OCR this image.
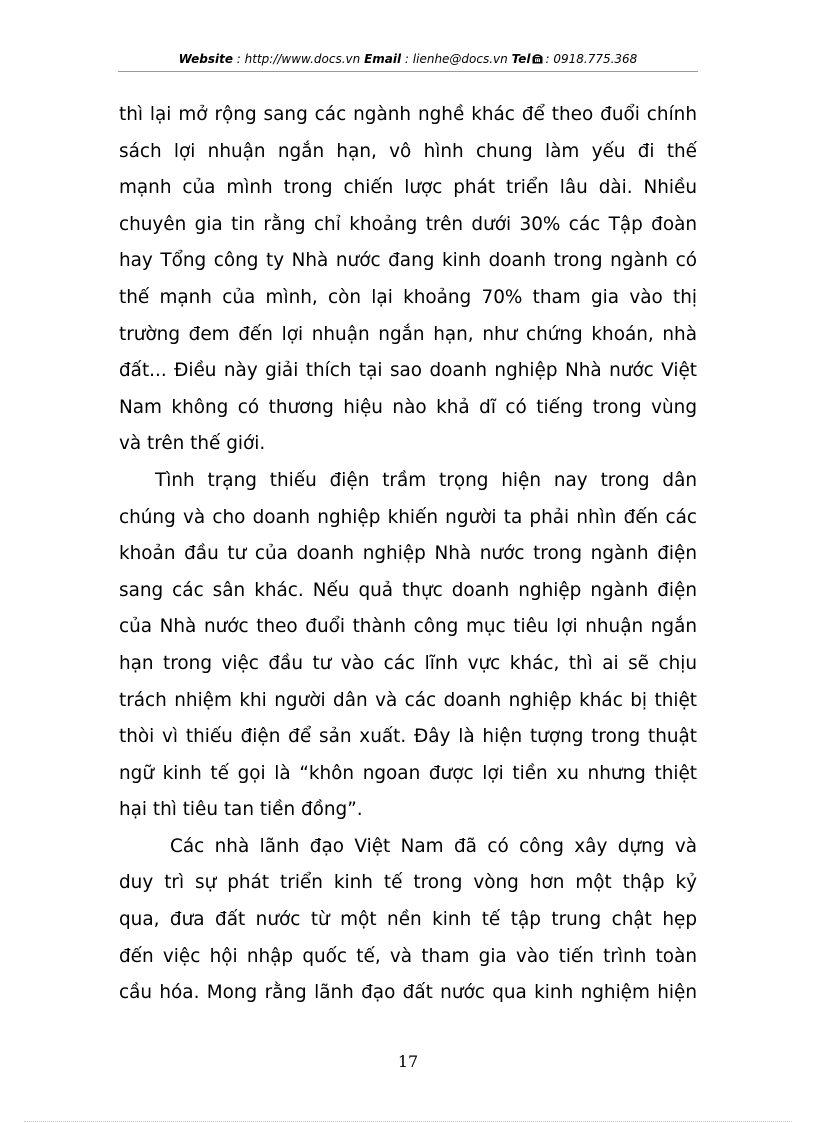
Website : http://www.docs.vn Email : lienhe@docs.vn Tel : 0918.775.368
thì lại mở rộng sang các ngành nghề khác để theo đuổi chính
sách lợi nhuận ngắn hạn, vô hình chung làm yếu đi thế
mạnh của mình trong chiến lược phát triển lâu dài. Nhiều
chuyên gia tin rằng chỉ khoảng trên dưới 30% các Tập đoàn
hay Tổng công ty Nhà nước đang kinh doanh trong ngành có
thế mạnh của mình, còn lại khoảng 70% tham gia vào thị
trường đem đến lợi nhuận ngắn hạn, như chứng khoán, nhà
đất... Điều này giải thích tại sao doanh nghiệp Nhà nước Việt
Nam không có thương hiệu nào khả dĩ có tiếng trong vùng
và trên thế giới.
Tình trạng thiếu điện trầm trọng hiện nay trong dân
chúng và cho doanh nghiệp khiến người ta phải nhìn đến các
khoản đầu tư của doanh nghiệp Nhà nước trong ngành điện
sang các sân khác. Nếu quả thực doanh nghiệp ngành điện
của Nhà nước theo đuổi thành công mục tiêu lợi nhuận ngắn
hạn trong việc đầu tư vào các lĩnh vực khác, thì ai sẽ chịu
trách nhiệm khi người dân và các doanh nghiệp khác bị thiệt
thòi vì thiếu điện để sản xuất. Đây là hiện tượng trong thuật
ngữ kinh tế gọi là “khôn ngoan được lợi tiền xu nhưng thiệt
hại thì tiêu tan tiền đồng”.
Các nhà lãnh đạo Việt Nam đã có công xây dựng và
duy trì sự phát triển kinh tế trong vòng hơn một thập kỷ
qua, đưa đất nước từ một nền kinh tế tập trung chật hẹp
đến việc hội nhập quốc tế, và tham gia vào tiến trình toàn
cầu hóa. Mong rằng lãnh đạo đất nước qua kinh nghiệm hiện
17
